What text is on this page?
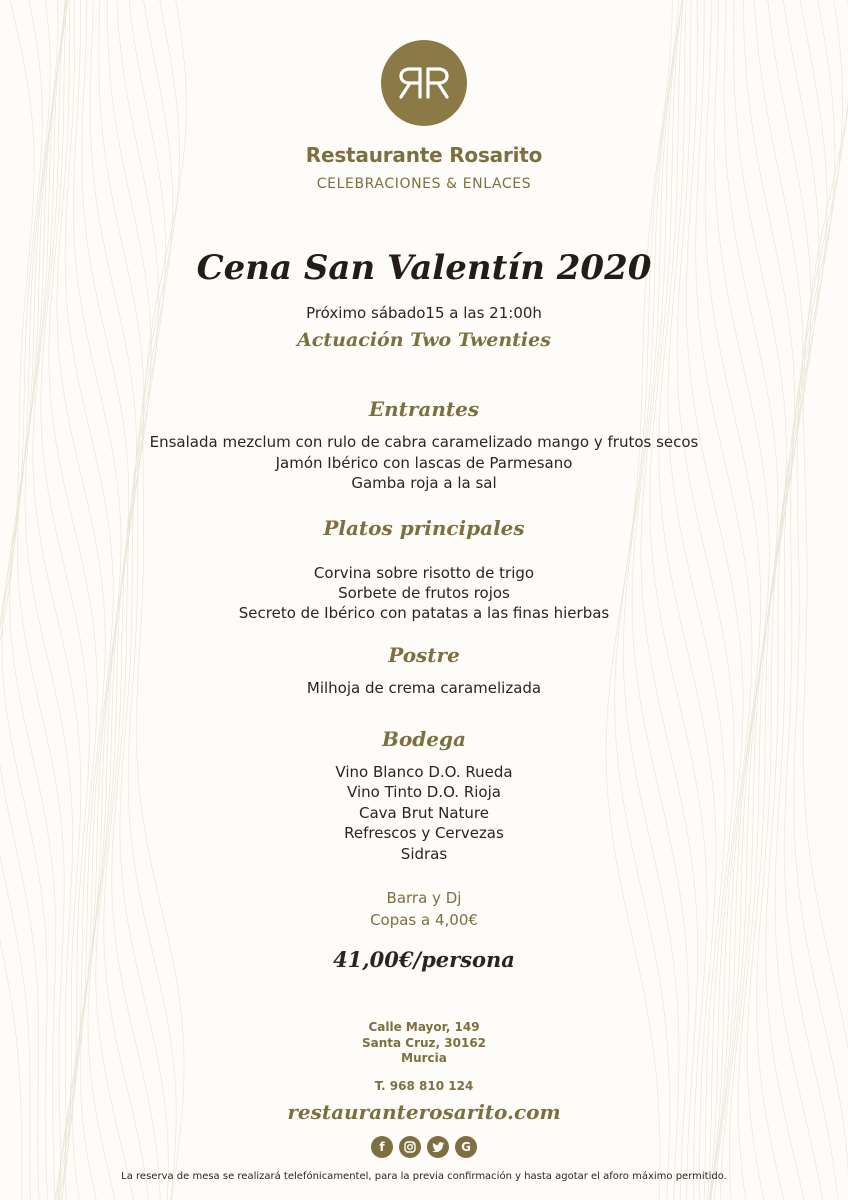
Restaurante Rosarito
CELEBRACIONES & ENLACES
Cena San Valentín 2020
Próximo sábado15 a las 21:00h
Actuación Two Twenties
Entrantes
Ensalada mezclum con rulo de cabra caramelizado mango y frutos secos
Jamón Ibérico con lascas de Parmesano
Gamba roja a la sal
Platos principales
Corvina sobre risotto de trigo
Sorbete de frutos rojos
Secreto de Ibérico con patatas a las finas hierbas
Postre
Milhoja de crema caramelizada
Bodega
Vino Blanco D.O. Rueda
Vino Tinto D.O. Rioja
Cava Brut Nature
Refrescos y Cervezas
Sidras
Barra y Dj
Copas a 4,00€
41,00€/persona
Calle Mayor, 149
Santa Cruz, 30162
Murcia
T. 968 810 124
restauranterosarito.com
f	G
La reserva de mesa se realizará telefónicamentel, para la previa confirmación y hasta agotar el aforo máximo permitido.
